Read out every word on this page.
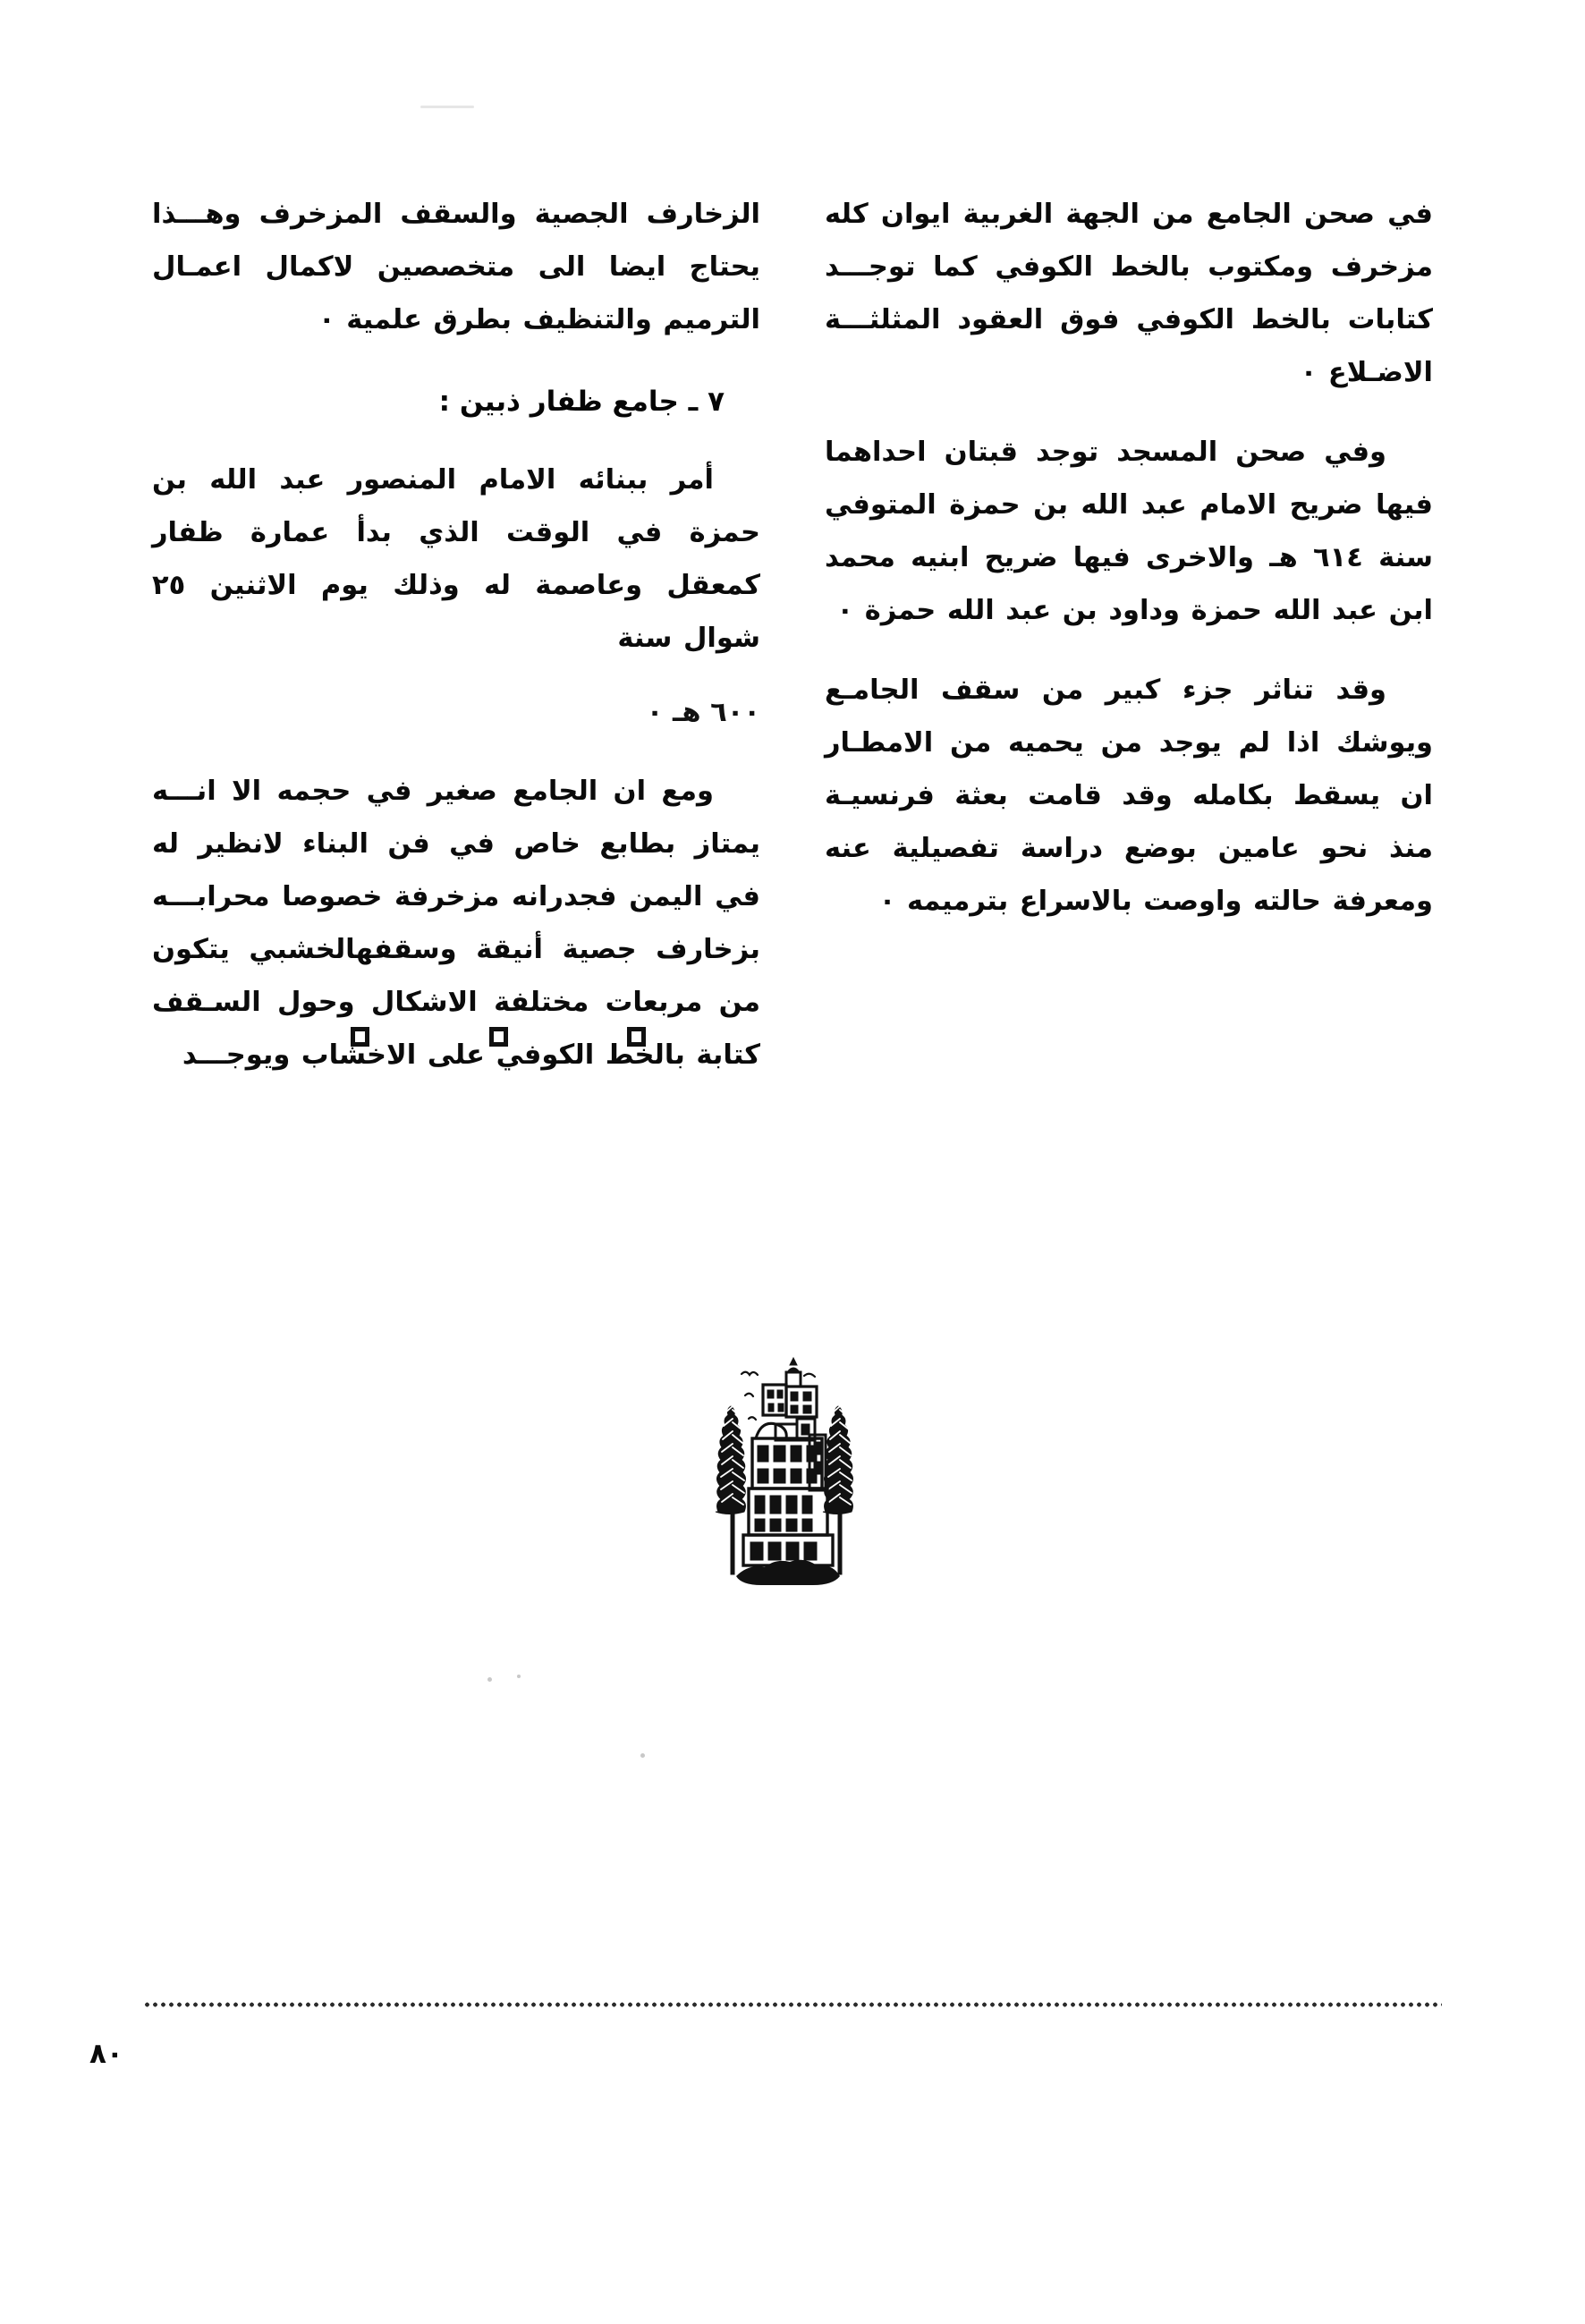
في صحن الجامع من الجهة الغربية ايوان كله مزخرف ومكتوب بالخط الكوفي كما توجـــد كتابات بالخط الكوفي فوق العقود المثلثـــة الاضـلاع ٠

وفي صحن المسجد توجد قبتان احداهما فيها ضريح الامام عبد الله بن حمزة المتوفي سنة ٦١٤ هـ والاخرى فيها ضريح ابنيه محمد ابن عبد الله حمزة وداود بن عبد الله حمزة ٠

وقد تناثر جزء كبير من سقف الجامـع ويوشك اذا لم يوجد من يحميه من الامطـار ان يسقط بكامله وقد قامت بعثة فرنسيـة منذ نحو عامين بوضع دراسة تفصيلية عنه ومعرفة حالته واوصت بالاسراع بترميمه ٠

الزخارف الجصية والسقف المزخرف وهـــذا يحتاج ايضا الى متخصصين لاكمال اعمـال الترميم والتنظيف بطرق علمية ٠

٧ ـ جامع ظفار ذبين :

أمر ببنائه الامام المنصور عبد الله بن حمزة في الوقت الذي بدأ عمارة ظفار كمعقل وعاصمة له وذلك يوم الاثنين ٢٥ شوال سنة

٦٠٠ هـ ٠

ومع ان الجامع صغير في حجمه الا انـــه يمتاز بطابع خاص في فن البناء لانظير له في اليمن فجدرانه مزخرفة خصوصا محرابـــه بزخارف جصية أنيقة وسقفهالخشبي يتكون من مربعات مختلفة الاشكال وحول السـقف كتابة بالخط الكوفي على الاخشاب ويوجـــد

٨٠
